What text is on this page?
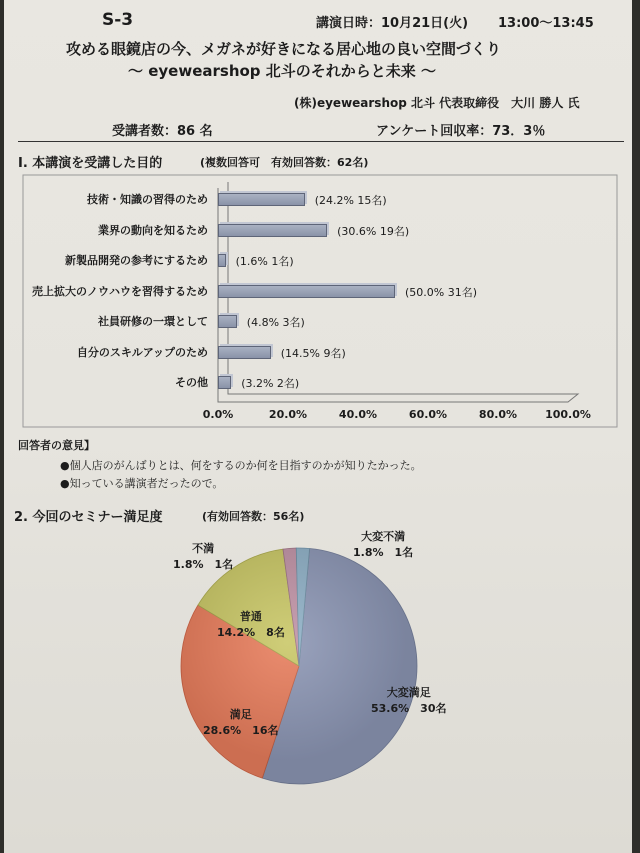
S-3	講演日時：10月21日(火) 13:00～13:45
攻める眼鏡店の今、メガネが好きになる居心地の良い空間づくり
～ eyewearshop 北斗のそれからと未来 ～
(株)eyewearshop 北斗 代表取締役　大川 勝人 氏
受講者数：86 名	アンケート回収率：73．3％
Ⅰ. 本講演を受講した目的	(複数回答可　有効回答数：62名)
技術・知識の習得のため	(24.2% 15名)
業界の動向を知るため	(30.6% 19名)
新製品開発の参考にするため	(1.6% 1名)
売上拡大のノウハウを習得するため	(50.0% 31名)
社員研修の一環として	(4.8% 3名)
自分のスキルアップのため	(14.5% 9名)
その他	(3.2% 2名)
0.0%	20.0%	40.0%	60.0%	80.0%	100.0%
回答者の意見】
●個人店のがんばりとは、何をするのか何を目指すのかが知りたかった。
●知っている講演者だったので。
2. 今回のセミナー満足度	(有効回答数：56名)
大変満足
53.6%　30名
満足
28.6%　16名
普通
14.2%　8名
不満
1.8%　1名
大変不満
1.8%　1名
